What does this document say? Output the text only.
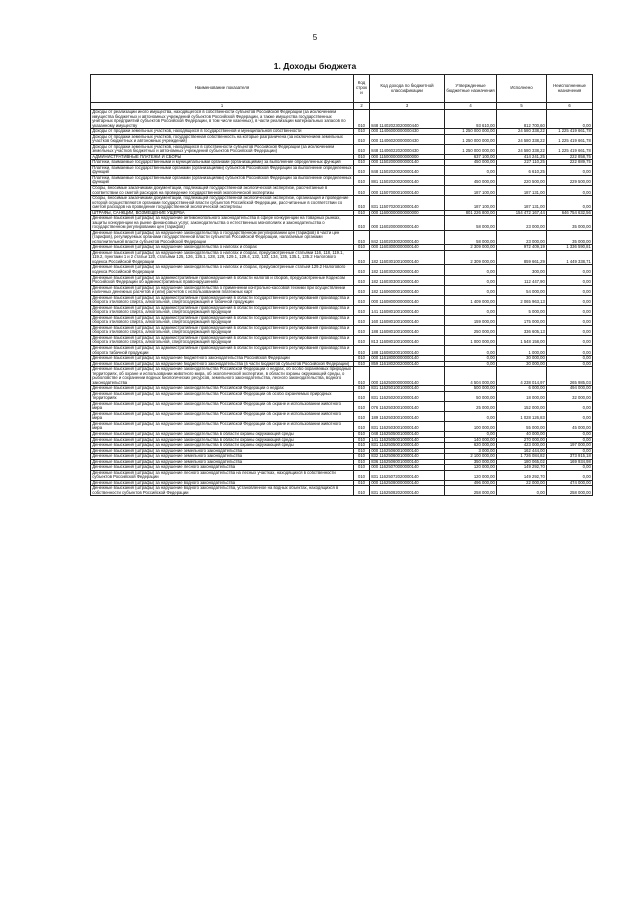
5
1. Доходы бюджета
Наименование показателя	Код строки	Код дохода по бюджетной классификации	Утвержденные бюджетные назначения	Исполнено	Неисполненные назначения
1	2	3	4	5	6
Доходы от реализации иного имущества, находящегося в собственности субъектов Российской Федерации (за исключением имущества бюджетных и автономных учреждений субъектов Российской Федерации, а также имущества государственных унитарных предприятий субъектов Российской Федерации, в том числе казенных), в части реализации материальных запасов по указанному имуществу	010	848 11402023020000440	93 610,00	812 700,60	0,00
Доходы от продажи земельных участков, находящихся в государственной и муниципальной собственности	010	000 11406000000000430	1 250 000 000,00	24 580 338,22	1 225 419 661,78
Доходы от продажи земельных участков, государственная собственность на которые разграничена (за исключением земельных участков бюджетных и автономных учреждений)	010	000 11406020000000430	1 250 000 000,00	24 580 338,22	1 225 419 661,78
Доходы от продажи земельных участков, находящихся в собственности субъектов Российской Федерации (за исключением земельных участков бюджетных и автономных учреждений субъектов Российской Федерации)	010	848 11406022020000430	1 250 000 000,00	24 580 338,22	1 225 419 661,78
АДМИНИСТРАТИВНЫЕ ПЛАТЕЖИ И СБОРЫ	010	000 11500000000000000	637 100,00	414 241,25	222 858,75
Платежи, взимаемые государственными и муниципальными органами (организациями) за выполнение определенных функций	010	000 11502000000000140	450 000,00	227 110,25	222 889,75
Платежи, взимаемые государственными органами (организациями) субъектов Российской Федерации за выполнение определенных функций	010	848 11502020020000140	0,00	6 610,25	0,00
Платежи, взимаемые государственными органами (организациями) субъектов Российской Федерации за выполнение определенных функций	010	881 11502020020000140	450 000,00	220 500,00	229 500,00
Сборы, вносимые заказчиками документации, подлежащей государственной экологической экспертизе, рассчитанные в соответствии со сметой расходов на проведение государственной экологической экспертизы	010	000 11507000010000140	187 100,00	187 131,00	0,00
Сборы, вносимые заказчиками документации, подлежащей государственной экологической экспертизе, организация и проведение которой осуществляются органами государственной власти субъектов Российской Федерации, рассчитанные в соответствии со сметой расходов на проведение государственной экологической экспертизы	010	831 11507020010000140	187 100,00	187 131,00	0,00
ШТРАФЫ, САНКЦИИ, ВОЗМЕЩЕНИЕ УЩЕРБА	010	000 11600000000000000	801 226 800,00	154 472 167,44	646 754 632,56
Денежные взыскания (штрафы) за нарушение антимонопольного законодательства в сфере конкуренции на товарных рынках, защиты конкуренции на рынке финансовых услуг, законодательства о естественных монополиях и законодательства о государственном регулировании цен (тарифов)	010	000 11602000000000140	58 000,00	23 000,00	35 000,00
Денежные взыскания (штрафы) за нарушение законодательства о государственном регулировании цен (тарифов) в части цен (тарифов), регулируемых органами государственной власти субъектов Российской Федерации, налагаемые органами исполнительной власти субъектов Российской Федерации	010	842 11602030020000140	58 000,00	23 000,00	35 000,00
Денежные взыскания (штрафы) за нарушение законодательства о налогах и сборах	010	000 11603000000000140	2 309 000,00	972 409,19	1 336 590,81
Денежные взыскания (штрафы) за нарушение законодательства о налогах и сборах, предусмотренные статьями 116, 118, 119.1, 119.2, пунктами 1 и 2 статьи 120, статьями 125, 126, 126.1, 128, 129, 129.1, 129.4, 132, 133, 134, 135, 135.1, 135.2 Налогового кодекса Российской Федерации	010	182 11603010010000140	2 309 000,00	859 661,29	1 449 338,71
Денежные взыскания (штрафы) за нарушение законодательства о налогах и сборах, предусмотренные статьей 129.2 Налогового кодекса Российской Федерации	010	182 11603020020000140	0,00	300,00	0,00
Денежные взыскания (штрафы) за административные правонарушения в области налогов и сборов, предусмотренные Кодексом Российской Федерации об административных правонарушениях	010	182 11603030010000140	0,00	112 447,90	0,00
Денежные взыскания (штрафы) за нарушение законодательства о применении контрольно-кассовой техники при осуществлении наличных денежных расчетов и (или) расчетов с использованием платежных карт	010	182 11606000010000140	0,00	54 000,00	0,00
Денежные взыскания (штрафы) за административные правонарушения в области государственного регулирования производства и оборота этилового спирта, алкогольной, спиртосодержащей и табачной продукции	010	000 11608000000000140	1 409 000,00	2 065 963,13	0,00
Денежные взыскания (штрафы) за административные правонарушения в области государственного регулирования производства и оборота этилового спирта, алкогольной, спиртосодержащей продукции	010	141 11608010010000140	0,00	5 000,00	0,00
Денежные взыскания (штрафы) за административные правонарушения в области государственного регулирования производства и оборота этилового спирта, алкогольной, спиртосодержащей продукции	010	160 11608010010000140	159 000,00	175 000,00	0,00
Денежные взыскания (штрафы) за административные правонарушения в области государственного регулирования производства и оборота этилового спирта, алкогольной, спиртосодержащей продукции	010	188 11608010010000140	250 000,00	336 605,13	0,00
Денежные взыскания (штрафы) за административные правонарушения в области государственного регулирования производства и оборота этилового спирта, алкогольной, спиртосодержащей продукции	010	813 11608010010000140	1 000 000,00	1 548 158,00	0,00
Денежные взыскания (штрафы) за административные правонарушения в области государственного регулирования производства и оборота табачной продукции	010	188 11608020010000140	0,00	1 000,00	0,00
Денежные взыскания (штрафы) за нарушение бюджетного законодательства Российской Федерации	010	000 11618000000000140	0,00	30 000,00	0,00
Денежные взыскания (штрафы) за нарушение бюджетного законодательства (в части бюджетов субъектов Российской Федерации)	010	859 11618020020000140	0,00	30 000,00	0,00
Денежные взыскания (штрафы) за нарушение законодательства Российской Федерации о недрах, об особо охраняемых природных территориях, об охране и использовании животного мира, об экологической экспертизе, в области охраны окружающей среды, о рыболовстве и сохранении водных биологических ресурсов, земельного законодательства, лесного законодательства, водного законодательства	010	000 11625000000000140	4 504 000,00	4 238 014,97	265 985,03
Денежные взыскания (штрафы) за нарушение законодательства Российской Федерации о недрах	010	831 11625010010000140	500 000,00	6 000,00	494 000,00
Денежные взыскания (штрафы) за нарушение законодательства Российской Федерации об особо охраняемых природных территориях	010	831 11625020010000140	50 000,00	18 000,00	32 000,00
Денежные взыскания (штрафы) за нарушение законодательства Российской Федерации об охране и использовании животного мира	010	076 11625030010000140	25 000,00	152 000,00	0,00
Денежные взыскания (штрафы) за нарушение законодательства Российской Федерации об охране и использовании животного мира	010	189 11625030010000140	0,00	1 028 126,83	0,00
Денежные взыскания (штрафы) за нарушение законодательства Российской Федерации об охране и использовании животного мира	010	831 11625030010000140	100 000,00	55 000,00	45 000,00
Денежные взыскания (штрафы) за нарушение законодательства в области охраны окружающей среды	010	048 11625050010000140	0,00	40 000,00	0,00
Денежные взыскания (штрафы) за нарушение законодательства в области охраны окружающей среды	010	141 11625050010000140	140 000,00	270 000,00	0,00
Денежные взыскания (штрафы) за нарушение законодательства в области охраны окружающей среды	010	831 11625050010000140	620 000,00	423 000,00	197 000,00
Денежные взыскания (штрафы) за нарушение земельного законодательства	010	000 11625060010000140	3 000,00	162 444,00	0,00
Денежные взыскания (штрафы) за нарушение земельного законодательства	010	832 11625060010000140	2 100 000,00	1 726 084,82	373 915,18
Денежные взыскания (штрафы) за нарушение земельного законодательства	010	836 11625060010000140	350 000,00	180 065,02	169 934,98
Денежные взыскания (штрафы) за нарушение лесного законодательства	010	000 11625070000000140	120 000,00	149 292,70	0,00
Денежные взыскания (штрафы) за нарушение лесного законодательства на лесных участках, находящихся в собственности субъектов Российской Федерации	010	831 11625072020000140	120 000,00	149 292,70	0,00
Денежные взыскания (штрафы) за нарушение водного законодательства	010	000 11625080000000140	496 000,00	22 000,00	474 000,00
Денежные взыскания (штрафы) за нарушение водного законодательства, установленное на водных объектах, находящихся в собственности субъектов Российской Федерации	010	831 11625082020000140	258 000,00	0,00	258 000,00
